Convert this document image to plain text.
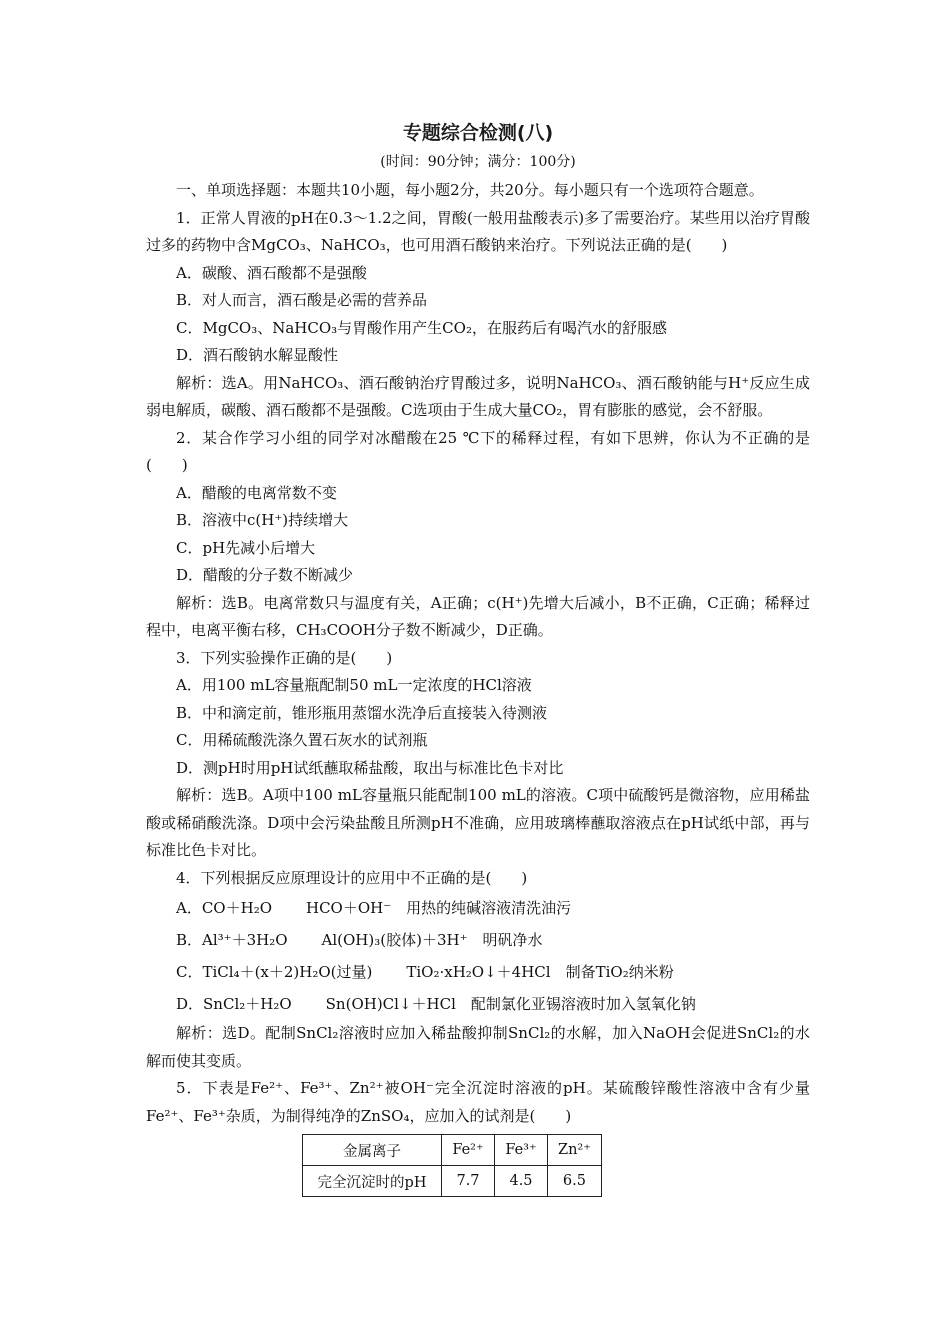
专题综合检测(八)
(时间：90分钟；满分：100分)

一、单项选择题：本题共10小题，每小题2分，共20分。每小题只有一个选项符合题意。

1．正常人胃液的pH在0.3～1.2之间，胃酸(一般用盐酸表示)多了需要治疗。某些用以治疗胃酸过多的药物中含MgCO₃、NaHCO₃，也可用酒石酸钠来治疗。下列说法正确的是(　　)

A．碳酸、酒石酸都不是强酸

B．对人而言，酒石酸是必需的营养品

C．MgCO₃、NaHCO₃与胃酸作用产生CO₂，在服药后有喝汽水的舒服感

D．酒石酸钠水解显酸性

解析：选A。用NaHCO₃、酒石酸钠治疗胃酸过多，说明NaHCO₃、酒石酸钠能与H⁺反应生成弱电解质，碳酸、酒石酸都不是强酸。C选项由于生成大量CO₂，胃有膨胀的感觉，会不舒服。

2．某合作学习小组的同学对冰醋酸在25 ℃下的稀释过程，有如下思辨，你认为不正确的是(　　)

A．醋酸的电离常数不变

B．溶液中c(H⁺)持续增大

C．pH先减小后增大

D．醋酸的分子数不断减少

解析：选B。电离常数只与温度有关，A正确；c(H⁺)先增大后减小，B不正确，C正确；稀释过程中，电离平衡右移，CH₃COOH分子数不断减少，D正确。

3．下列实验操作正确的是(　　)

A．用100 mL容量瓶配制50 mL一定浓度的HCl溶液

B．中和滴定前，锥形瓶用蒸馏水洗净后直接装入待测液

C．用稀硫酸洗涤久置石灰水的试剂瓶

D．测pH时用pH试纸蘸取稀盐酸，取出与标准比色卡对比

解析：选B。A项中100 mL容量瓶只能配制100 mL的溶液。C项中硫酸钙是微溶物，应用稀盐酸或稀硝酸洗涤。D项中会污染盐酸且所测pH不准确，应用玻璃棒蘸取溶液点在pH试纸中部，再与标准比色卡对比。

4．下列根据反应原理设计的应用中不正确的是(　　)

A．CO＋H₂O HCO＋OH⁻　 用热的纯碱溶液清洗油污

B．Al³⁺＋3H₂O Al(OH)₃(胶体)＋3H⁺　 明矾净水

C．TiCl₄＋(x＋2)H₂O(过量) TiO₂·xH₂O↓＋4HCl　 制备TiO₂纳米粉

D．SnCl₂＋H₂O Sn(OH)Cl↓＋HCl　 配制氯化亚锡溶液时加入氢氧化钠

解析：选D。配制SnCl₂溶液时应加入稀盐酸抑制SnCl₂的水解，加入NaOH会促进SnCl₂的水解而使其变质。

5．下表是Fe²⁺、Fe³⁺、Zn²⁺被OH⁻完全沉淀时溶液的pH。某硫酸锌酸性溶液中含有少量Fe²⁺、Fe³⁺杂质，为制得纯净的ZnSO₄，应加入的试剂是(　　)

金属离子	Fe²⁺	Fe³⁺	Zn²⁺
完全沉淀时的pH	7.7	4.5	6.5
